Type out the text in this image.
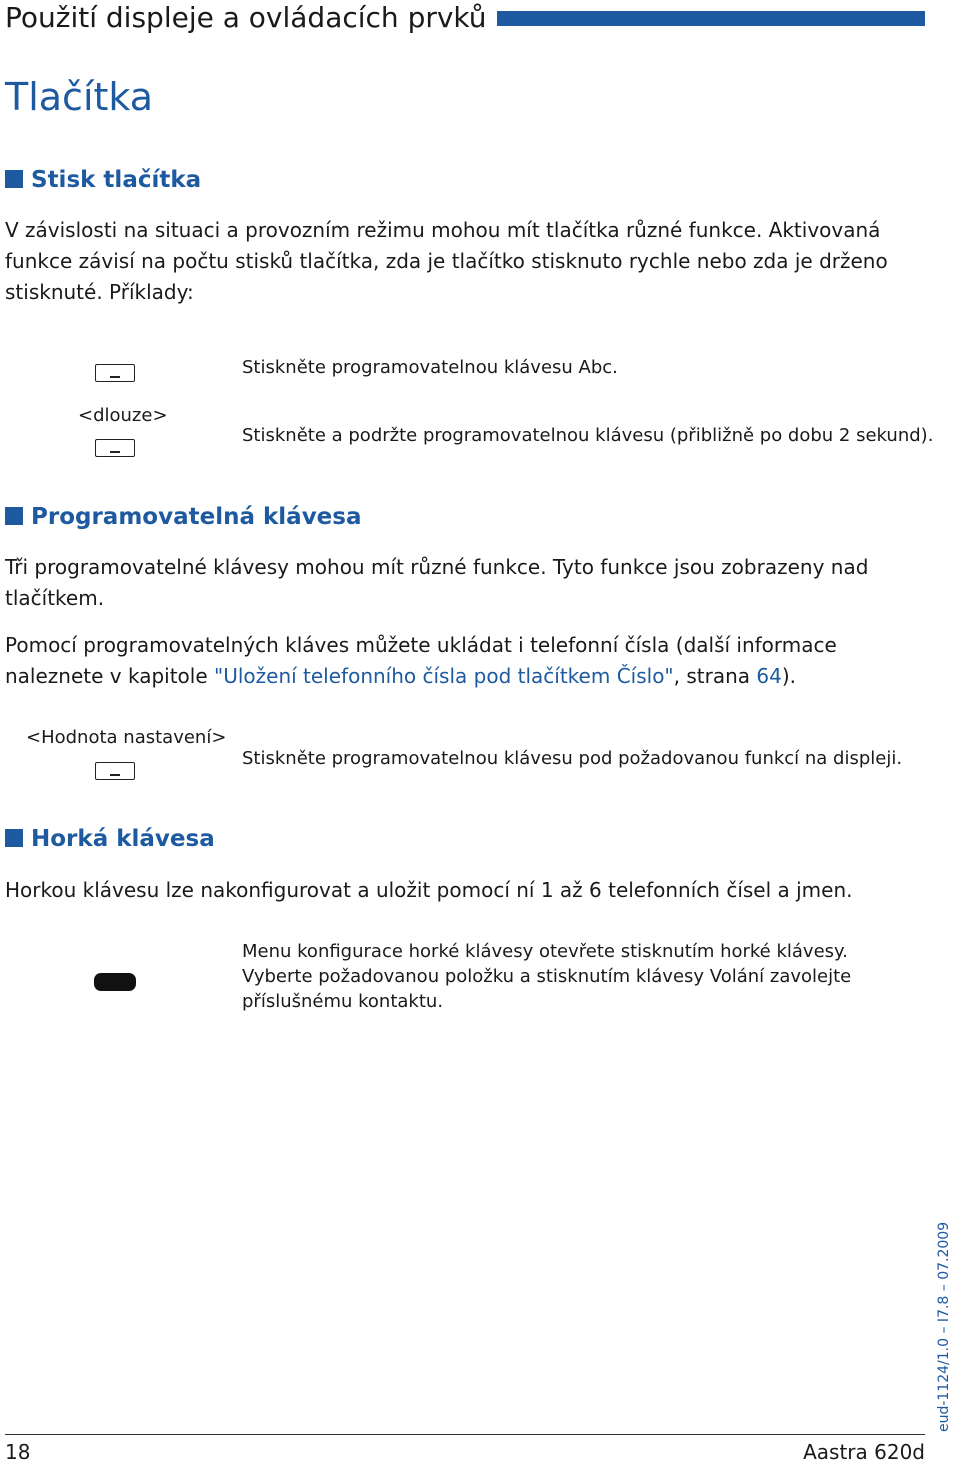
Použití displeje a ovládacích prvků
Tlačítka
Stisk tlačítka

V závislosti na situaci a provozním režimu mohou mít tlačítka různé funkce. Aktivovaná funkce závisí na počtu stisků tlačítka, zda je tlačítko stisknuto rychle nebo zda je drženo stisknuté. Příklady:

Stiskněte programovatelnou klávesu Abc.
<dlouze>
Stiskněte a podržte programovatelnou klávesu (přibližně po dobu 2 sekund).
Programovatelná klávesa

Tři programovatelné klávesy mohou mít různé funkce. Tyto funkce jsou zobrazeny nad tlačítkem.

Pomocí programovatelných kláves můžete ukládat i telefonní čísla (další informace naleznete v kapitole "Uložení telefonního čísla pod tlačítkem Číslo", strana 64).

<Hodnota nastavení>
Stiskněte programovatelnou klávesu pod požadovanou funkcí na displeji.
Horká klávesa

Horkou klávesu lze nakonfigurovat a uložit pomocí ní 1 až 6 telefonních čísel a jmen.

Menu konfigurace horké klávesy otevřete stisknutím horké klávesy.
Vyberte požadovanou položku a stisknutím klávesy Volání zavolejte příslušnému kontaktu.
18	Aastra 620d
eud-1124/1.0 – I7.8 – 07.2009
